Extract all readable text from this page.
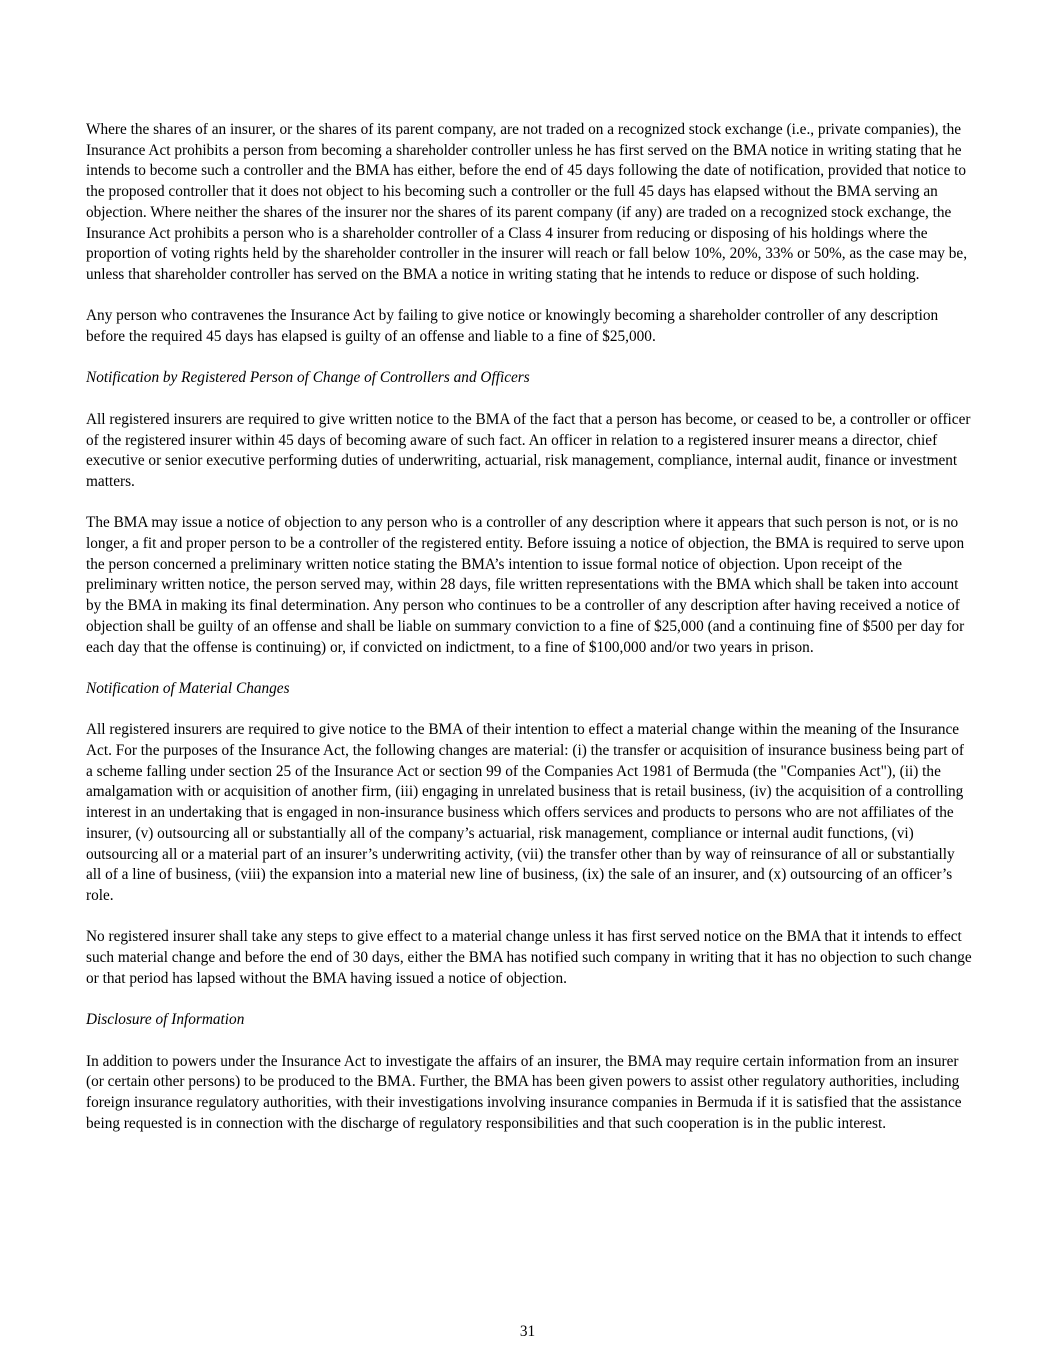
Where the shares of an insurer, or the shares of its parent company, are not traded on a recognized stock exchange (i.e., private companies), the Insurance Act prohibits a person from becoming a shareholder controller unless he has first served on the BMA notice in writing stating that he intends to become such a controller and the BMA has either, before the end of 45 days following the date of notification, provided that notice to the proposed controller that it does not object to his becoming such a controller or the full 45 days has elapsed without the BMA serving an objection. Where neither the shares of the insurer nor the shares of its parent company (if any) are traded on a recognized stock exchange, the Insurance Act prohibits a person who is a shareholder controller of a Class 4 insurer from reducing or disposing of his holdings where the proportion of voting rights held by the shareholder controller in the insurer will reach or fall below 10%, 20%, 33% or 50%, as the case may be, unless that shareholder controller has served on the BMA a notice in writing stating that he intends to reduce or dispose of such holding.

Any person who contravenes the Insurance Act by failing to give notice or knowingly becoming a shareholder controller of any description before the required 45 days has elapsed is guilty of an offense and liable to a fine of $25,000.

Notification by Registered Person of Change of Controllers and Officers

All registered insurers are required to give written notice to the BMA of the fact that a person has become, or ceased to be, a controller or officer of the registered insurer within 45 days of becoming aware of such fact. An officer in relation to a registered insurer means a director, chief executive or senior executive performing duties of underwriting, actuarial, risk management, compliance, internal audit, finance or investment matters.

The BMA may issue a notice of objection to any person who is a controller of any description where it appears that such person is not, or is no longer, a fit and proper person to be a controller of the registered entity. Before issuing a notice of objection, the BMA is required to serve upon the person concerned a preliminary written notice stating the BMA’s intention to issue formal notice of objection. Upon receipt of the preliminary written notice, the person served may, within 28 days, file written representations with the BMA which shall be taken into account by the BMA in making its final determination. Any person who continues to be a controller of any description after having received a notice of objection shall be guilty of an offense and shall be liable on summary conviction to a fine of $25,000 (and a continuing fine of $500 per day for each day that the offense is continuing) or, if convicted on indictment, to a fine of $100,000 and/or two years in prison.

Notification of Material Changes

All registered insurers are required to give notice to the BMA of their intention to effect a material change within the meaning of the Insurance Act. For the purposes of the Insurance Act, the following changes are material: (i) the transfer or acquisition of insurance business being part of a scheme falling under section 25 of the Insurance Act or section 99 of the Companies Act 1981 of Bermuda (the "Companies Act"), (ii) the amalgamation with or acquisition of another firm, (iii) engaging in unrelated business that is retail business, (iv) the acquisition of a controlling interest in an undertaking that is engaged in non-insurance business which offers services and products to persons who are not affiliates of the insurer, (v) outsourcing all or substantially all of the company’s actuarial, risk management, compliance or internal audit functions, (vi) outsourcing all or a material part of an insurer’s underwriting activity, (vii) the transfer other than by way of reinsurance of all or substantially all of a line of business, (viii) the expansion into a material new line of business, (ix) the sale of an insurer, and (x) outsourcing of an officer’s role.

No registered insurer shall take any steps to give effect to a material change unless it has first served notice on the BMA that it intends to effect such material change and before the end of 30 days, either the BMA has notified such company in writing that it has no objection to such change or that period has lapsed without the BMA having issued a notice of objection.

Disclosure of Information

In addition to powers under the Insurance Act to investigate the affairs of an insurer, the BMA may require certain information from an insurer (or certain other persons) to be produced to the BMA. Further, the BMA has been given powers to assist other regulatory authorities, including foreign insurance regulatory authorities, with their investigations involving insurance companies in Bermuda if it is satisfied that the assistance being requested is in connection with the discharge of regulatory responsibilities and that such cooperation is in the public interest.

31
